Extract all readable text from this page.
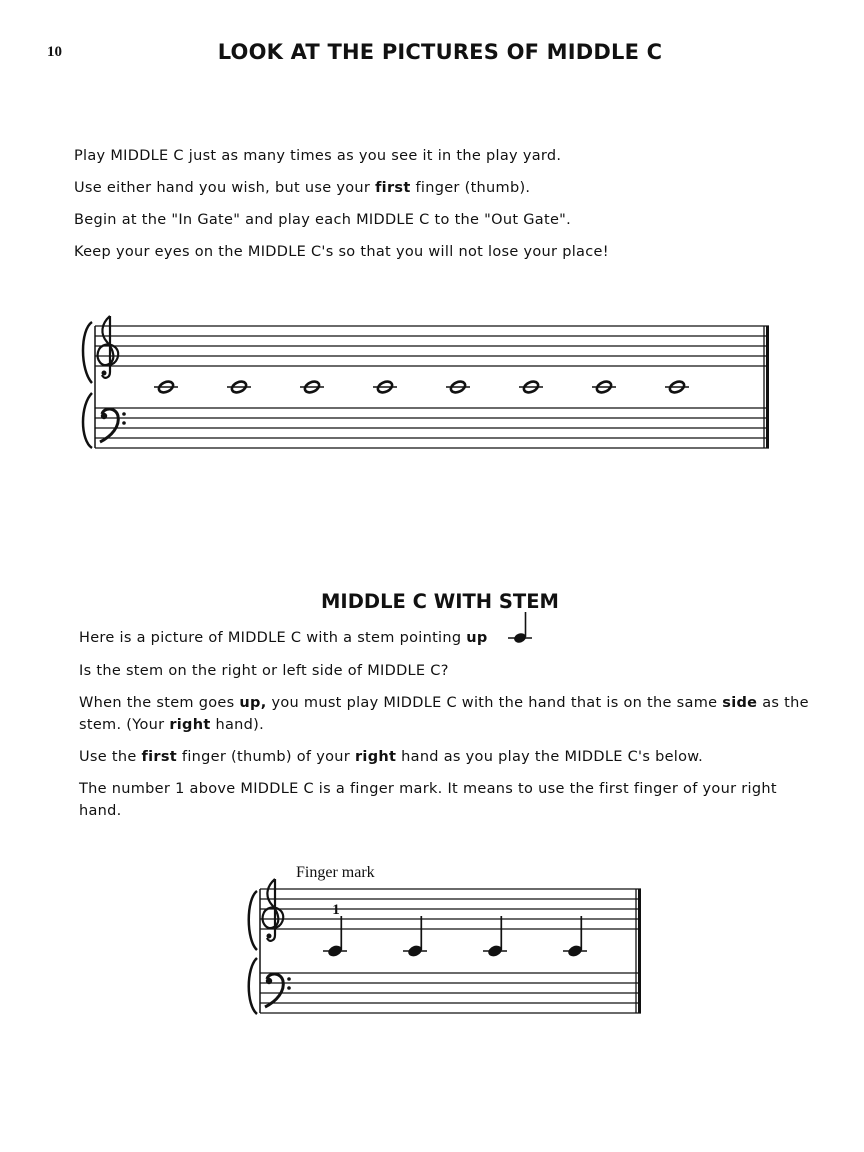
10	LOOK AT THE PICTURES OF MIDDLE C
Play MIDDLE C just as many times as you see it in the play yard.
Use either hand you wish, but use your first finger (thumb).
Begin at the "In Gate" and play each MIDDLE C to the "Out Gate".
Keep your eyes on the MIDDLE C's so that you will not lose your place!
MIDDLE C WITH STEM
Here is a picture of MIDDLE C with a stem pointing up
Is the stem on the right or left side of MIDDLE C?
When the stem goes up, you must play MIDDLE C with the hand that is on the same side as the
stem. (Your right hand).
Use the first finger (thumb) of your right hand as you play the MIDDLE C's below.
The number 1 above MIDDLE C is a finger mark. It means to use the first finger of your right
hand.
Finger mark
1
